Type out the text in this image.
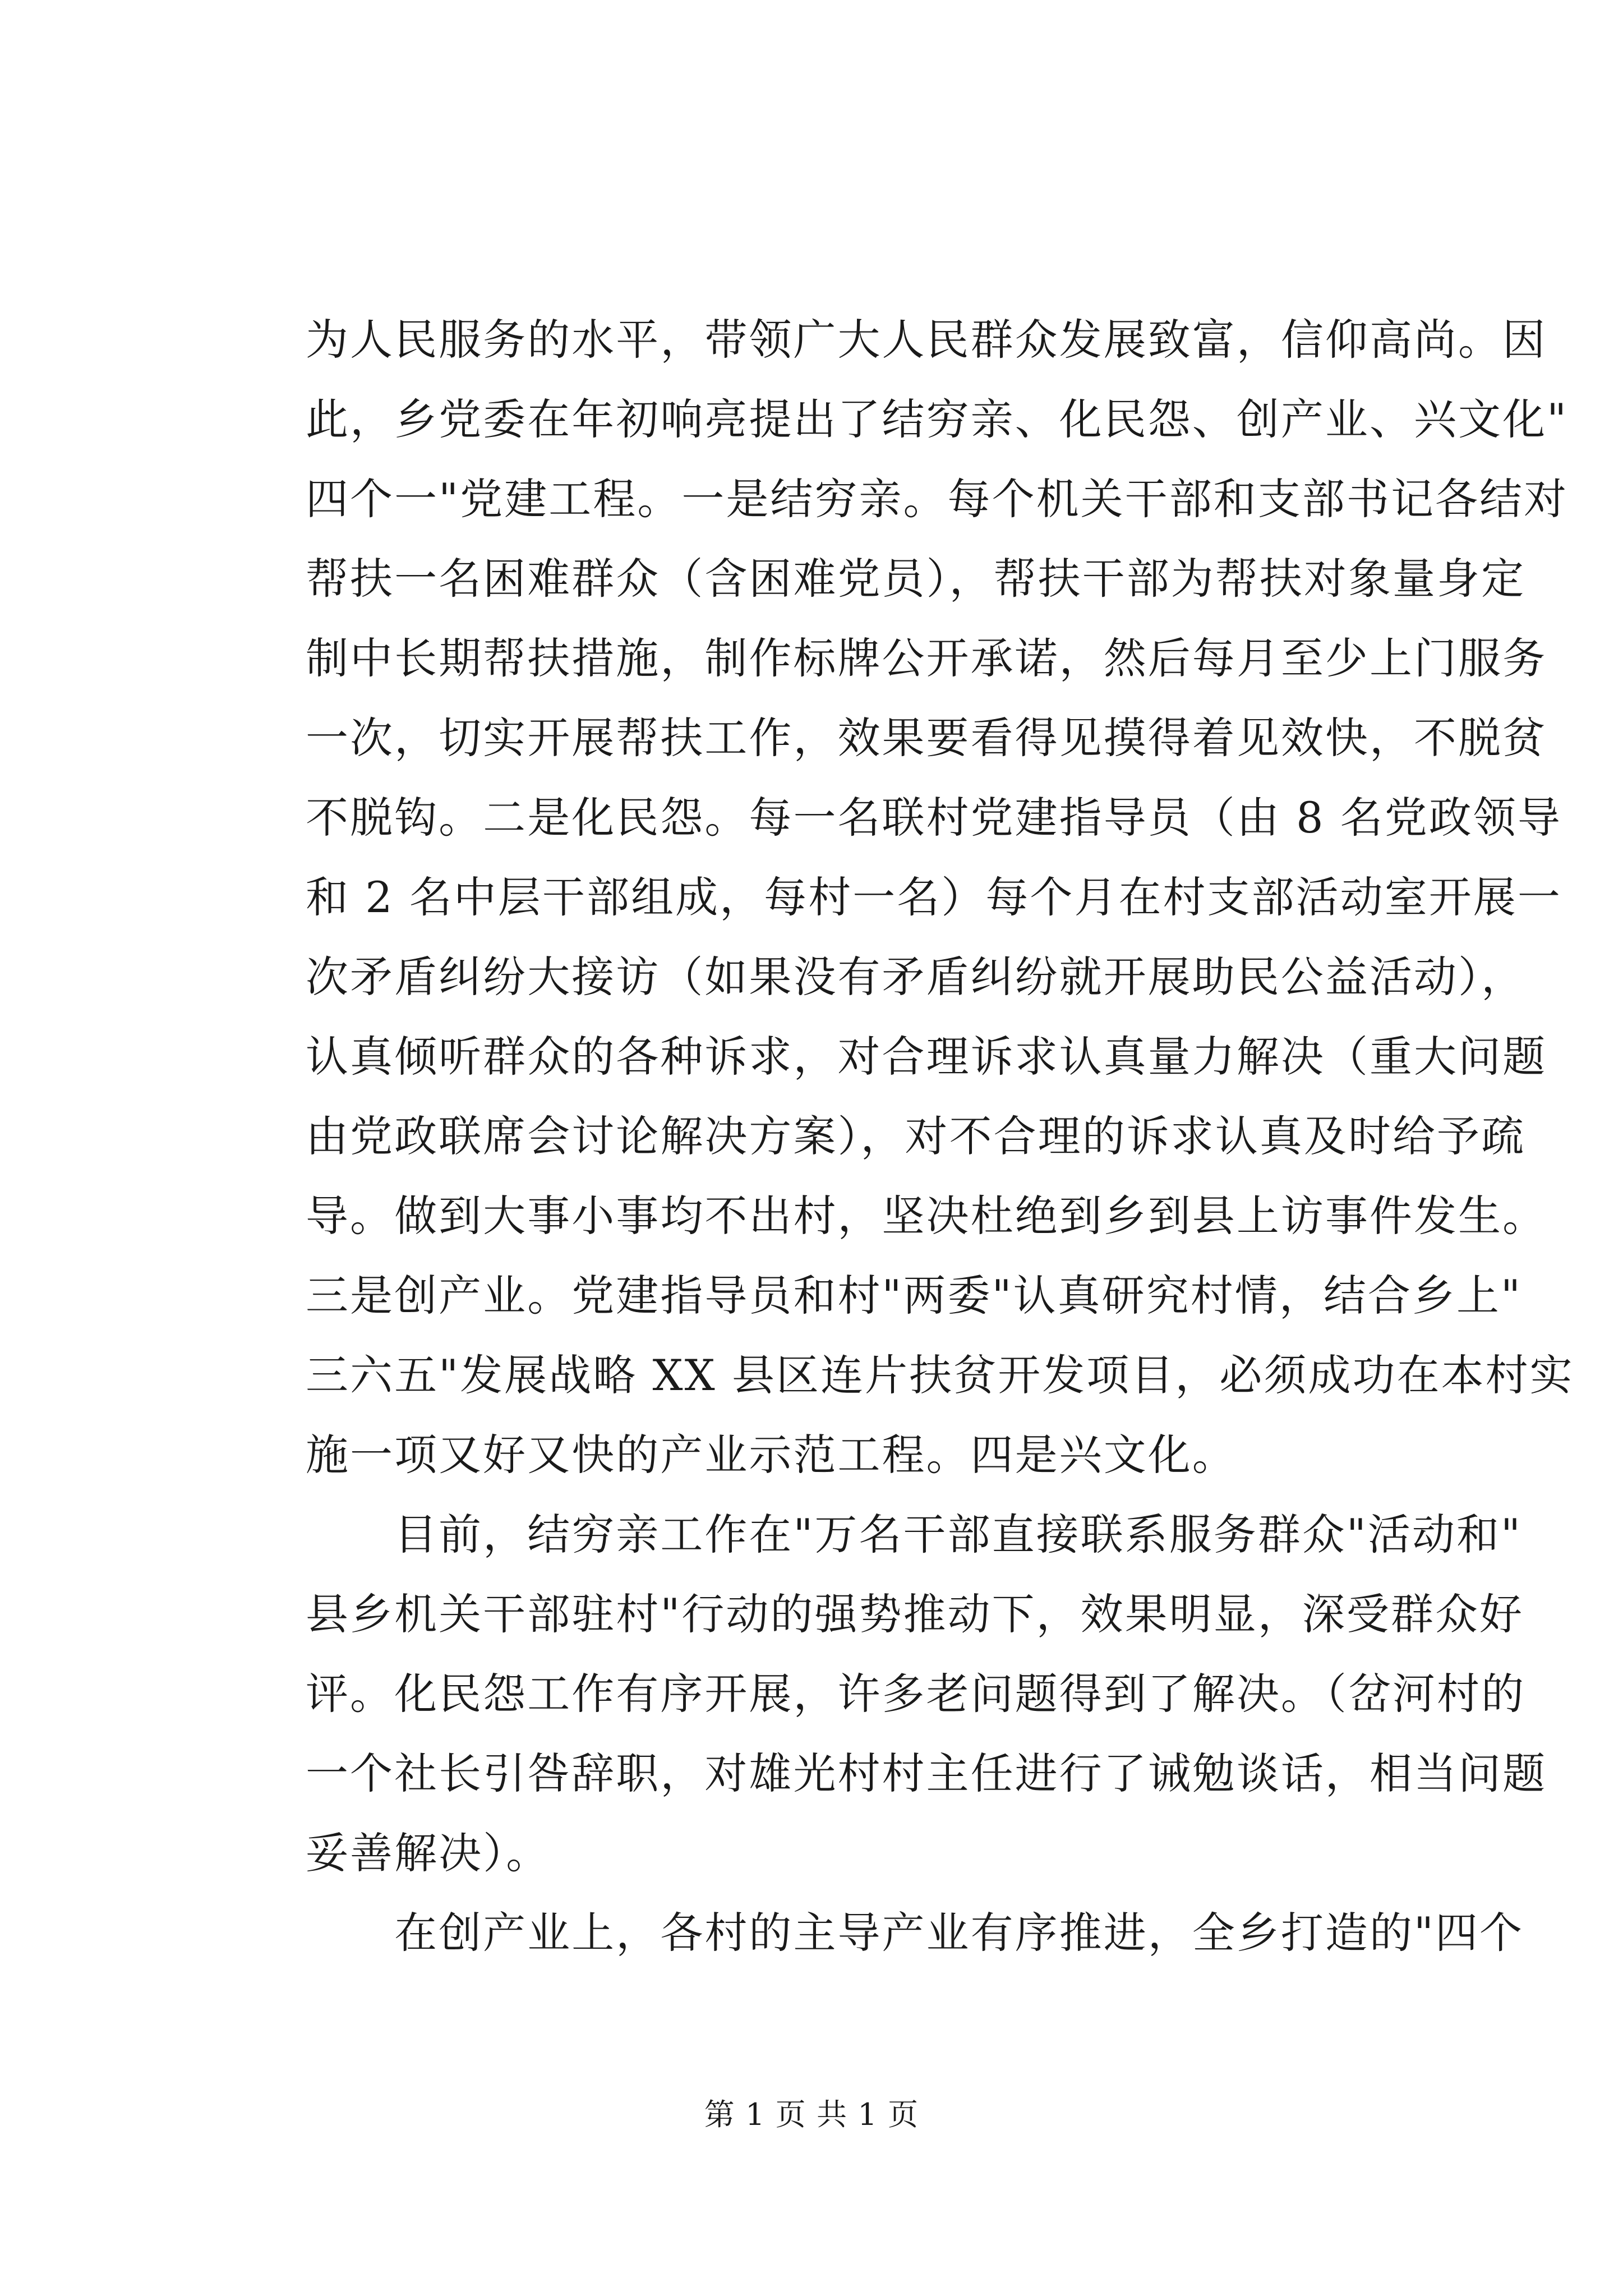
为人民服务的水平，带领广大人民群众发展致富，信仰高尚。因
此，乡党委在年初响亮提出了结穷亲、化民怨、创产业、兴文化"
四个一"党建工程。一是结穷亲。每个机关干部和支部书记各结对
帮扶一名困难群众（含困难党员），帮扶干部为帮扶对象量身定
制中长期帮扶措施，制作标牌公开承诺，然后每月至少上门服务
一次，切实开展帮扶工作，效果要看得见摸得着见效快，不脱贫
不脱钩。二是化民怨。每一名联村党建指导员（由 8 名党政领导
和 2 名中层干部组成，每村一名）每个月在村支部活动室开展一
次矛盾纠纷大接访（如果没有矛盾纠纷就开展助民公益活动），
认真倾听群众的各种诉求，对合理诉求认真量力解决（重大问题
由党政联席会讨论解决方案），对不合理的诉求认真及时给予疏
导。做到大事小事均不出村，坚决杜绝到乡到县上访事件发生。
三是创产业。党建指导员和村"两委"认真研究村情，结合乡上"
三六五"发展战略 XX 县区连片扶贫开发项目，必须成功在本村实
施一项又好又快的产业示范工程。四是兴文化。
　　目前，结穷亲工作在"万名干部直接联系服务群众"活动和"
县乡机关干部驻村"行动的强势推动下，效果明显，深受群众好
评。化民怨工作有序开展，许多老问题得到了解决。（岔河村的
一个社长引咎辞职，对雄光村村主任进行了诫勉谈话，相当问题
妥善解决）。
　　在创产业上，各村的主导产业有序推进，全乡打造的"四个
第 1 页 共 1 页
